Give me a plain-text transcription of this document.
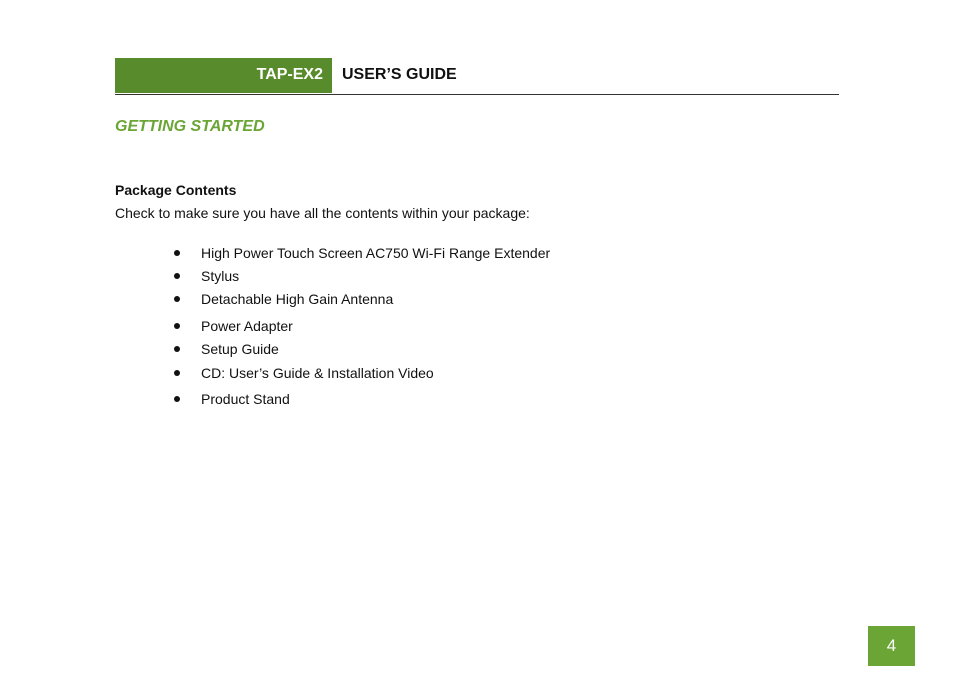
TAP-EX2 USER’S GUIDE
GETTING STARTED
Package Contents
Check to make sure you have all the contents within your package:
High Power Touch Screen AC750 Wi-Fi Range Extender
Stylus
Detachable High Gain Antenna
Power Adapter
Setup Guide
CD: User’s Guide & Installation Video
Product Stand
4
